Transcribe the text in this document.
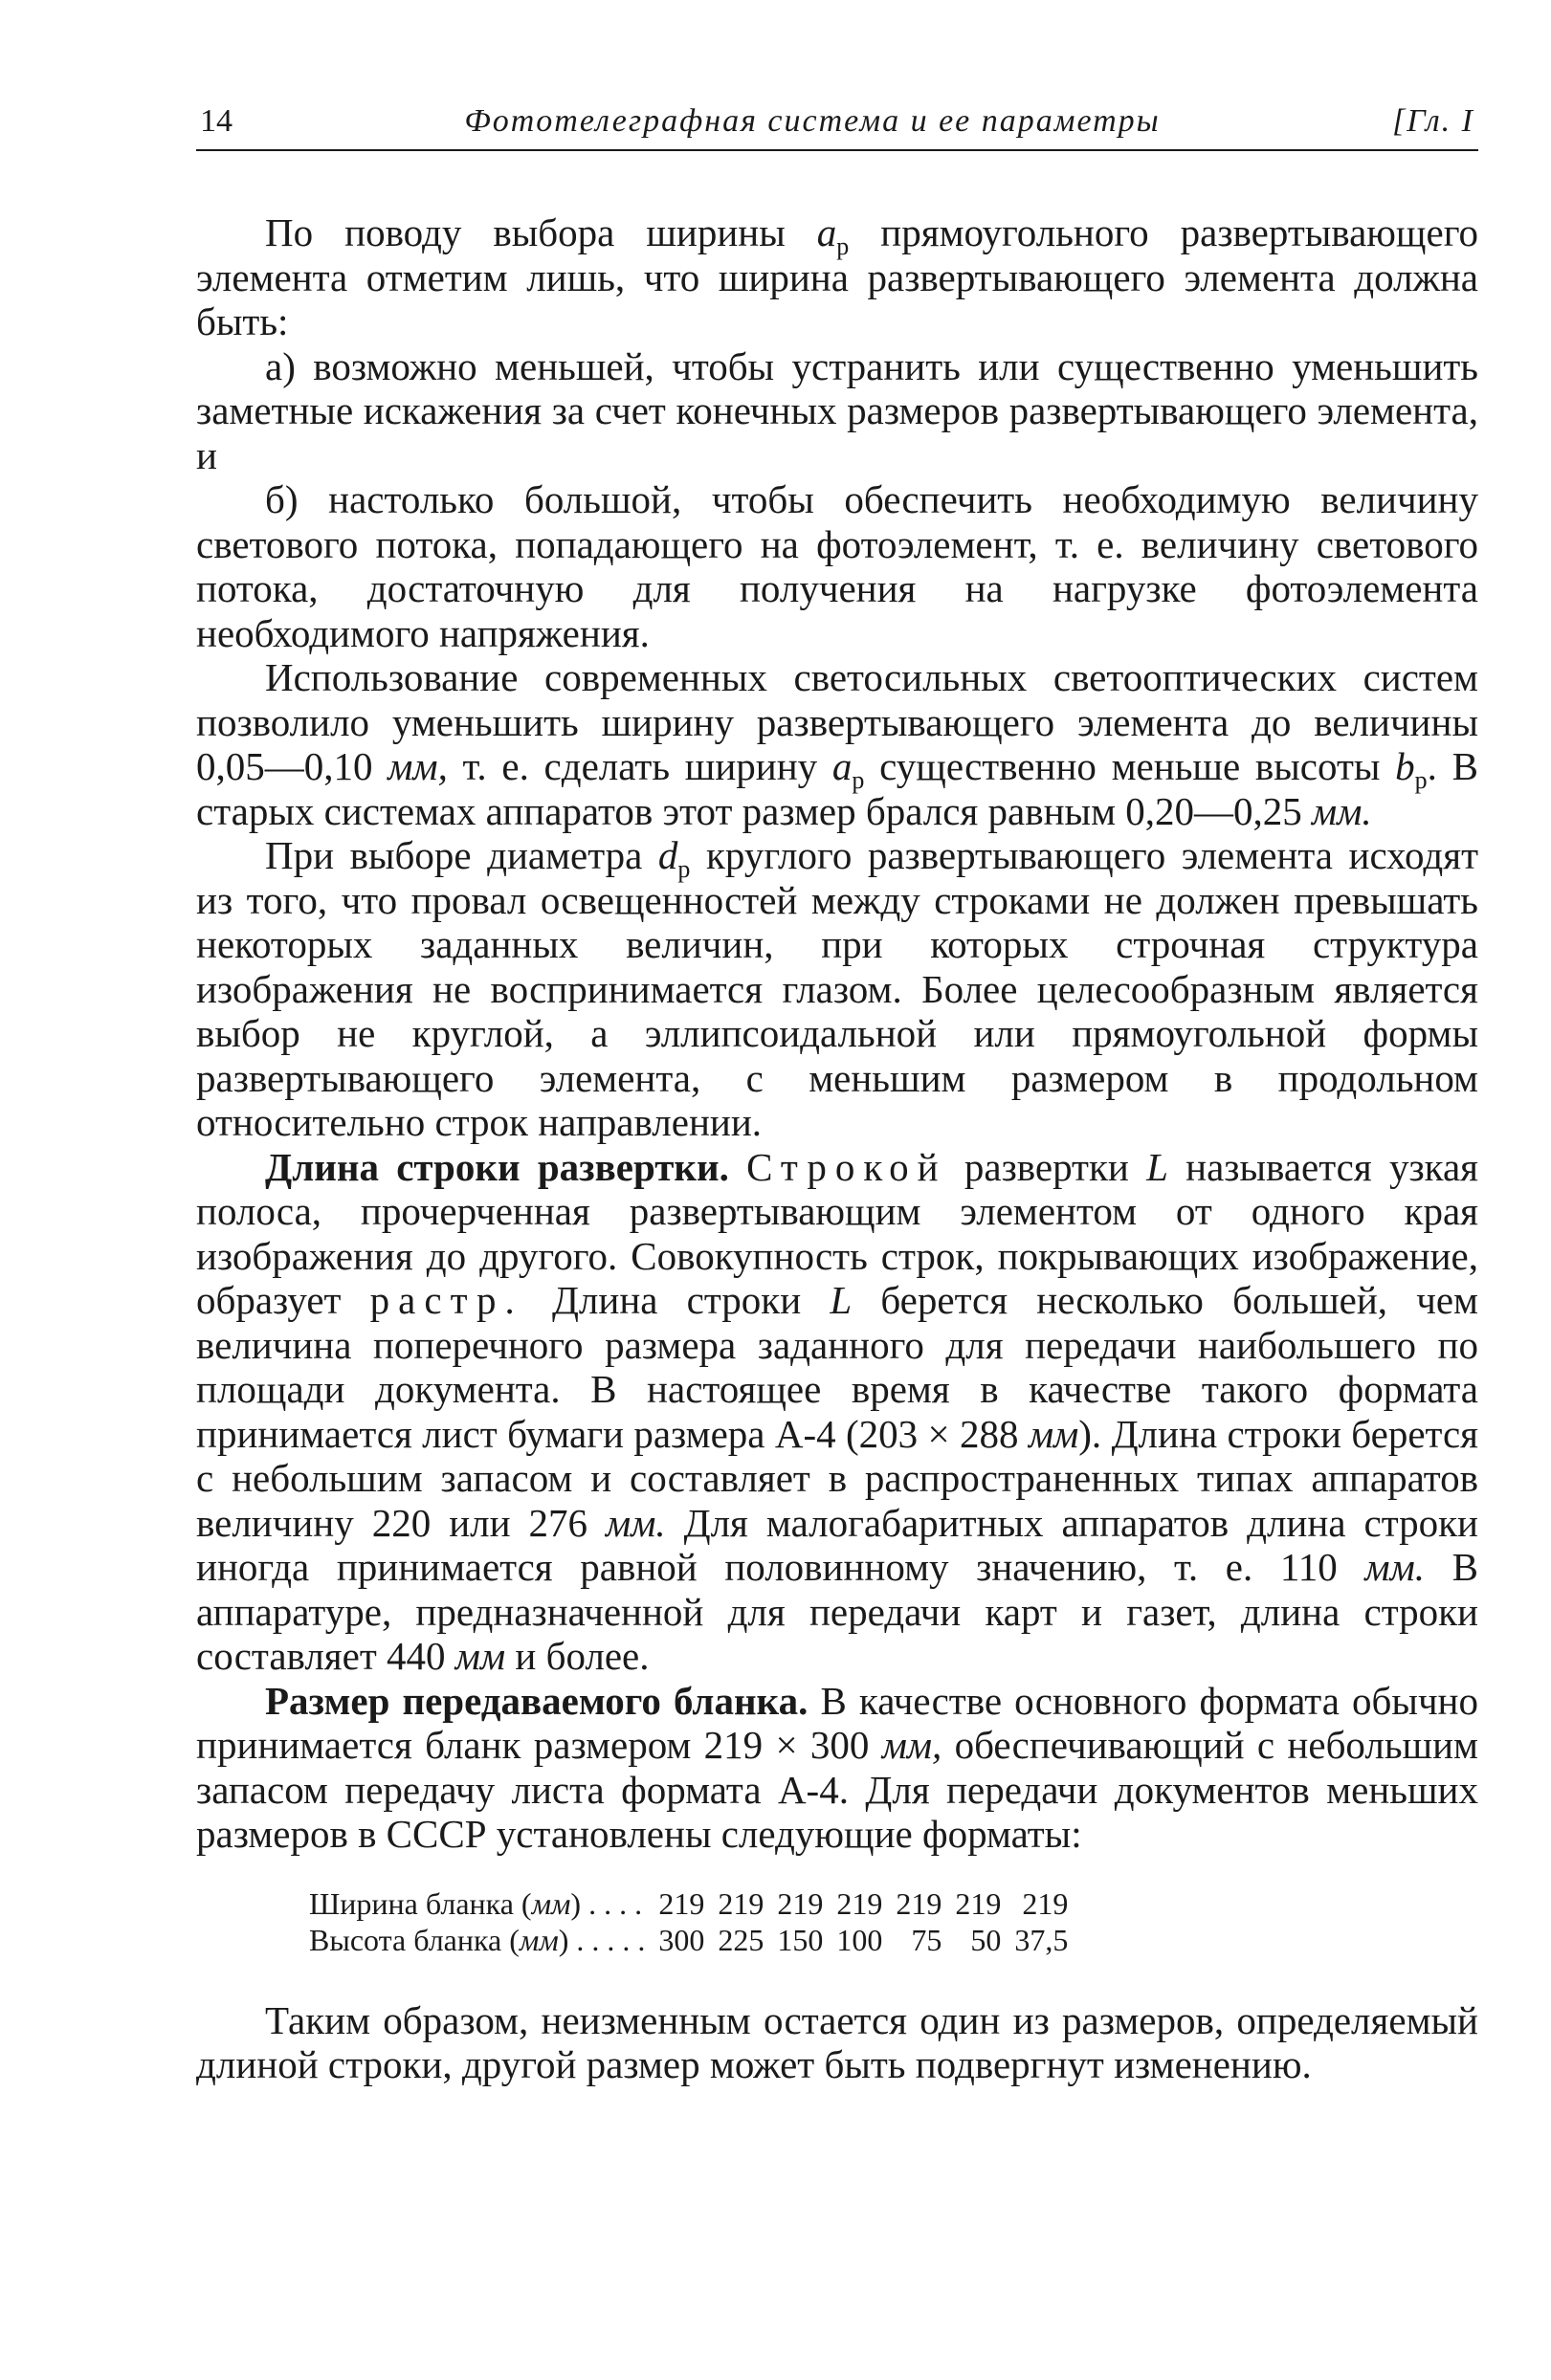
14	Фототелеграфная система и ее параметры	[Гл. I

По поводу выбора ширины $a_р$ прямоугольного развертывающего элемента отметим лишь, что ширина развертывающего элемента должна быть:

а) возможно меньшей, чтобы устранить или существенно уменьшить заметные искажения за счет конечных размеров развертывающего элемента, и

б) настолько большой, чтобы обеспечить необходимую величину светового потока, попадающего на фотоэлемент, т. е. величину светового потока, достаточную для получения на нагрузке фотоэлемента необходимого напряжения.

Использование современных светосильных светооптических систем позволило уменьшить ширину развертывающего элемента до величины 0,05—0,10 мм, т. е. сделать ширину $a_р$ существенно меньше высоты $b_р$. В старых системах аппаратов этот размер брался равным 0,20—0,25 мм.

При выборе диаметра $d_р$ круглого развертывающего элемента исходят из того, что провал освещенностей между строками не должен превышать некоторых заданных величин, при которых строчная структура изображения не воспринимается глазом. Более целесообразным является выбор не круглой, а эллипсоидальной или прямоугольной формы развертывающего элемента, с меньшим размером в продольном относительно строк направлении.

Длина строки развертки. Строкой развертки L называется узкая полоса, прочерченная развертывающим элементом от одного края изображения до другого. Совокупность строк, покрывающих изображение, образует растр. Длина строки L берется несколько большей, чем величина поперечного размера заданного для передачи наибольшего по площади документа. В настоящее время в качестве такого формата принимается лист бумаги размера А-4 (203 × 288 мм). Длина строки берется с небольшим запасом и составляет в распространенных типах аппаратов величину 220 или 276 мм. Для малогабаритных аппаратов длина строки иногда принимается равной половинному значению, т. е. 110 мм. В аппаратуре, предназначенной для передачи карт и газет, длина строки составляет 440 мм и более.

Размер передаваемого бланка. В качестве основного формата обычно принимается бланк размером 219 × 300 мм, обеспечивающий с небольшим запасом передачу листа формата А-4. Для передачи документов меньших размеров в СССР установлены следующие форматы:

Ширина бланка (мм) . . . .	219	219	219	219	219	219	219
Высота бланка (мм) . . . . .	300	225	150	100	75	50	37,5

Таким образом, неизменным остается один из размеров, определяемый длиной строки, другой размер может быть подвергнут изменению.
